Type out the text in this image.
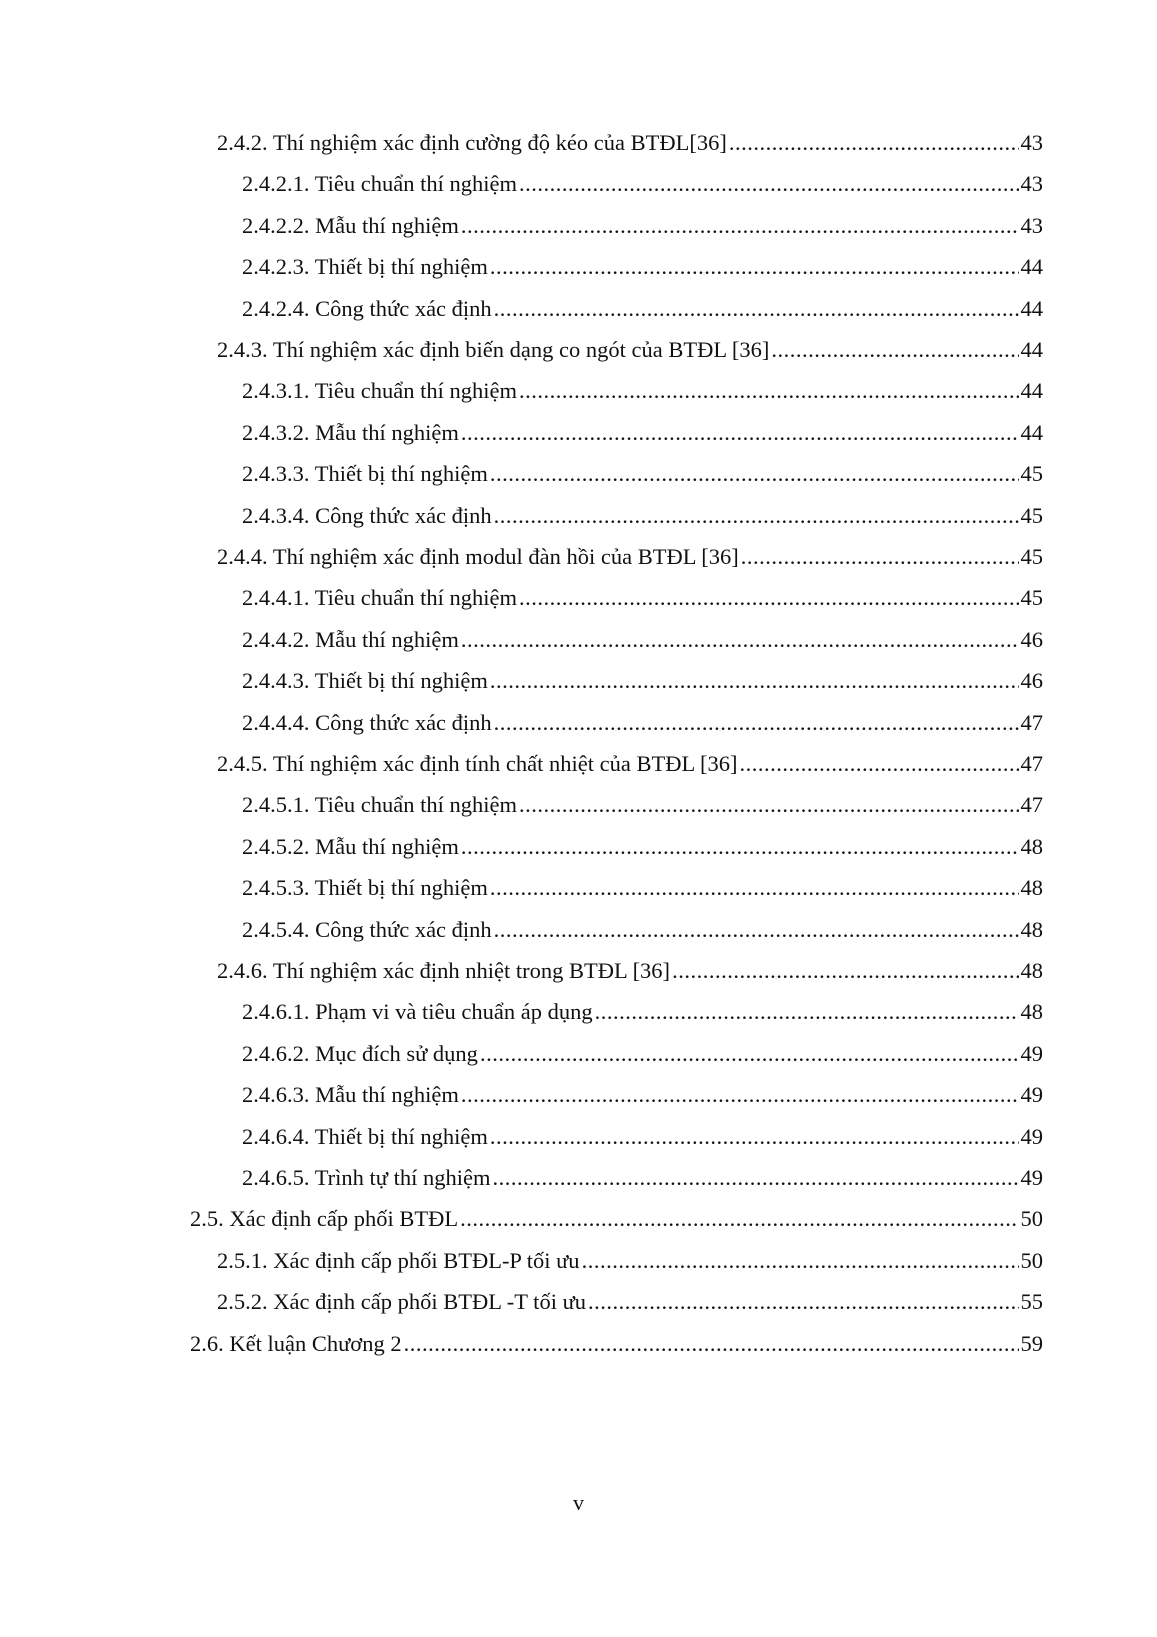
2.4.2. Thí nghiệm xác định cường độ kéo của BTĐL[36] .....	43
2.4.2.1. Tiêu chuẩn thí nghiệm .....	43
2.4.2.2. Mẫu thí nghiệm .....	43
2.4.2.3. Thiết bị thí nghiệm .....	44
2.4.2.4. Công thức xác định .....	44
2.4.3. Thí nghiệm xác định biến dạng co ngót của BTĐL [36] .....	44
2.4.3.1. Tiêu chuẩn thí nghiệm .....	44
2.4.3.2. Mẫu thí nghiệm .....	44
2.4.3.3. Thiết bị thí nghiệm .....	45
2.4.3.4. Công thức xác định .....	45
2.4.4. Thí nghiệm xác định modul đàn hồi của BTĐL [36] .....	45
2.4.4.1. Tiêu chuẩn thí nghiệm .....	45
2.4.4.2. Mẫu thí nghiệm .....	46
2.4.4.3. Thiết bị thí nghiệm .....	46
2.4.4.4. Công thức xác định .....	47
2.4.5. Thí nghiệm xác định tính chất nhiệt của BTĐL [36] .....	47
2.4.5.1. Tiêu chuẩn thí nghiệm .....	47
2.4.5.2. Mẫu thí nghiệm .....	48
2.4.5.3. Thiết bị thí nghiệm .....	48
2.4.5.4. Công thức xác định .....	48
2.4.6. Thí nghiệm xác định nhiệt trong BTĐL [36] .....	48
2.4.6.1. Phạm vi và tiêu chuẩn áp dụng .....	48
2.4.6.2. Mục đích sử dụng .....	49
2.4.6.3. Mẫu thí nghiệm .....	49
2.4.6.4. Thiết bị thí nghiệm .....	49
2.4.6.5. Trình tự thí nghiệm .....	49
2.5. Xác định cấp phối BTĐL .....	50
2.5.1. Xác định cấp phối BTĐL-P tối ưu .....	50
2.5.2. Xác định cấp phối BTĐL -T tối ưu .....	55
2.6. Kết luận Chương 2 .....	59
v
